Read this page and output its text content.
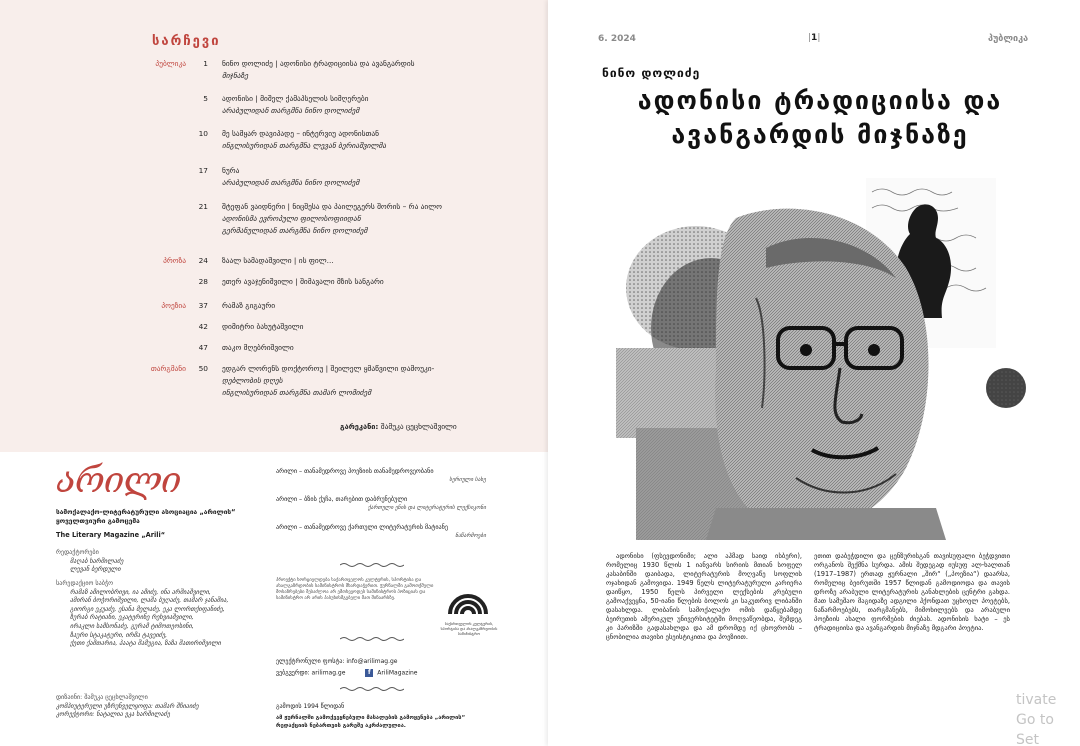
სარჩევი
პუბლიკა	1 ნინო დოლიძე | ადონისი ტრადიციისა და ავანგარდის
მიჯნაზე
5 ადონისი | მიშელ ქამაპსელის სიმღერები
არაბულიდან თარგმნა ნინო დოლიძემ
10 მე სამყარ დავიპადე – ინტერვიუ ადონისთან
ინგლისურიდან თარგმნა ლევან ბერიაშვილმა
17 ნურა
არაბულიდან თარგმნა ნინო დოლიძემ
21 შტეფან ვაიდნერი | ნიცშესა და პაილეგერს შორის – რა აილო
ადონისმა ევროპული ფილოსოფიიდან
გერმანულიდან თარგმნა ნინო დოლიძემ
პროზა	24 ზაალ სამადაშვილი | ის ფილ...
28 ეთერ ავაჯენიშვილი | შიმავალი მზის სანგარი
პოეზია	37 რამაზ გიგაური
42 დიმიტრი ბახუტაშვილი
47 თაკო მღებრიშვილი
თარგმანი	50 ედგარ ლორენს დოქტოროუ | შეილელ ყმაწვილი დამოუკი-
დებლობის დღეს
ინგლისურიდან თარგმნა თამარ ლომიძემ
გარეკანი: შამუკა ცეცხლაშვილი
არილი
სამოქალაქო-ლიტერატურული ასოციაცია „არილის“ ყოველთვიური გამოცემა
The Literary Magazine „Arili“
რედაქტორები
მაღაბ ხარშილაძე
ლევან ბერდული
სარედაქციო საბჭო
რამაზ ამილობრივი, ია ამიძე, ინა არშიაშვილი,
ამირან ბოჭორიშვილი, ლაშა ბუღაძე, თამარ ჯანაშია,
გიორგი ეკუაძე, ესანა მელაძე, ეკა ლორთქიფანიძე,
ზურაბ რატიანი, ეკატერინე რეხვიაშვილი,
ირაკლი სამსონაძე, გურამ ტიმოთეოსინი,
ზაური სტაკატური, ირმა ტავეიძე,
ქეთი ქამთარია, პაატა შამუგია, ზაზა შათირიშვილი
დიზაინი: შამუკა ცეცხლაშვილი
კომპიუტერული უზრუნველყოფა: თამარ შჩიაიძე
კორექტორი: ნატალია ვკა ხარშილაძე
არილი – თანამედროვე პოეზიის თანამედროვეობანი
სერიული სახე
არილი – ბზის ქუჩა, თარებით დაბრუნებული
ქართული ენის და ლიტერატურის ლექსიკონი
არილი – თანამედროვე ქართული ლიტერატურის მატიანე
ნაწარმოები
პროექტი ხორციელდება საქართველოს კულტურის, სპორტისა და ახალგაზრდობის სამინისტროს მხარდაჭერით. ჟურნალში გამოთქმული მოსაზრებები შესაძლოა არ ემთხვეოდეს სამინისტროს პოზიციას და სამინისტრო არ არის პასუხისმგებელი მათ შინაარსზე.
საქართველოს კულტურის, სპორტისა და ახალგაზრდობის სამინისტრო
ელექტრონული ფოსტა: info@arilimag.ge
ვებგვერდი: arilimag.ge	f AriliMagazine
გამოდის 1994 წლიდან
ამ ჟურნალში გამოქვეყნებული მასალების გამოყენება „არილის“ რედაქციის ნებართვის გარეშე აკრძალულია.
6. 2024	|1|	პუბლიკა
ნინო დოლიძე
ადონისი ტრადიციისა და ავანგარდის მიჯნაზე
ადონისი (ფსევდონიმი; ალი აჰმად საიდ ისბერი), რომელიც 1930 წლის 1 იანვარს სირიის მთიან სოფელ კასაბინში დაიბადა, ლიტერატურის მოღვაწე სოფლის ოჯახიდან გამოვიდა. 1949 წელს ლიტერატურული კარიერა დაიწყო, 1950 წელს პირველი ლექსების კრებული გამოაქვეყნა, 50-იანი წლების ბოლოს კი საკუთრივ ლიბანში დასახლდა. ლიბანის სამოქალაქო ომის დაწყებამდე ბეირუთის ამერიკულ უნივერსიტეტში მოღვაწეობდა, შემდეგ კი პარიზში გადასახლდა და ამ დრომდე იქ ცხოვრობს – ცნობილია თავისი ესეისტიკითა და პოეზიით.
ეთით დაბეჭდილი და ცენზურისგან თავისუფალი ბეჭდვითი ორგანოს შექმნა სურდა. ამის შედეგად იუსუფ ალ-ხალთან (1917–1987) ერთად ჟურნალი „შირ“ („პოეზია“) დაარსა, რომელიც ბეირუთში 1957 წლიდან გამოდიოდა და თავის დროზე არაბული ლიტერატურის განახლების ცენტრი გახდა. მათ სამუშაო მაგიდაზე ადგილი ჰქონდათ უცხოელ პოეტებს, ნაწარმოებებს, თარგმანებს, მიმოხილვებს და არაბული პოეზიის ახალი ფორმების ძიებას. ადონისის ხატი – ეს ტრადიციისა და ავანგარდის მიჯნაზე მდგარი პოეტია.
tivate
Go to Set
